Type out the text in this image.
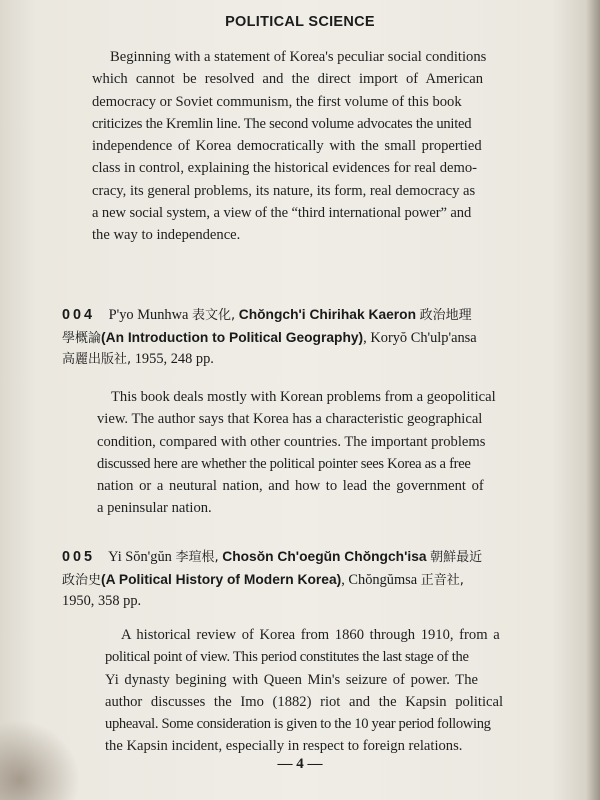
POLITICAL SCIENCE
Beginning with a statement of Korea's peculiar social conditions
which cannot be resolved and the direct import of American
democracy or Soviet communism, the first volume of this book
criticizes the Kremlin line. The second volume advocates the united
independence of Korea democratically with the small propertied
class in control, explaining the historical evidences for real demo-
cracy, its general problems, its nature, its form, real democracy as
a new social system, a view of the “third international power” and
the way to independence.
004 P'yo Munhwa 表文化, Chŏngch'i Chirihak Kaeron 政治地理
學概論(An Introduction to Political Geography), Koryŏ Ch'ulp'ansa
高麗出版社, 1955, 248 pp.
This book deals mostly with Korean problems from a geopolitical
view. The author says that Korea has a characteristic geographical
condition, compared with other countries. The important problems
discussed here are whether the political pointer sees Korea as a free
nation or a neutural nation, and how to lead the government of
a peninsular nation.
005 Yi Sŏn'gŭn 李瑄根, Chosŏn Ch'oegŭn Chŏngch'isa 朝鮮最近
政治史(A Political History of Modern Korea), Chŏngŭmsa 正音社,
1950, 358 pp.
A historical review of Korea from 1860 through 1910, from a
political point of view. This period constitutes the last stage of the
Yi dynasty begining with Queen Min's seizure of power. The
author discusses the Imo (1882) riot and the Kapsin political
upheaval. Some consideration is given to the 10 year period following
the Kapsin incident, especially in respect to foreign relations.
— 4 —
